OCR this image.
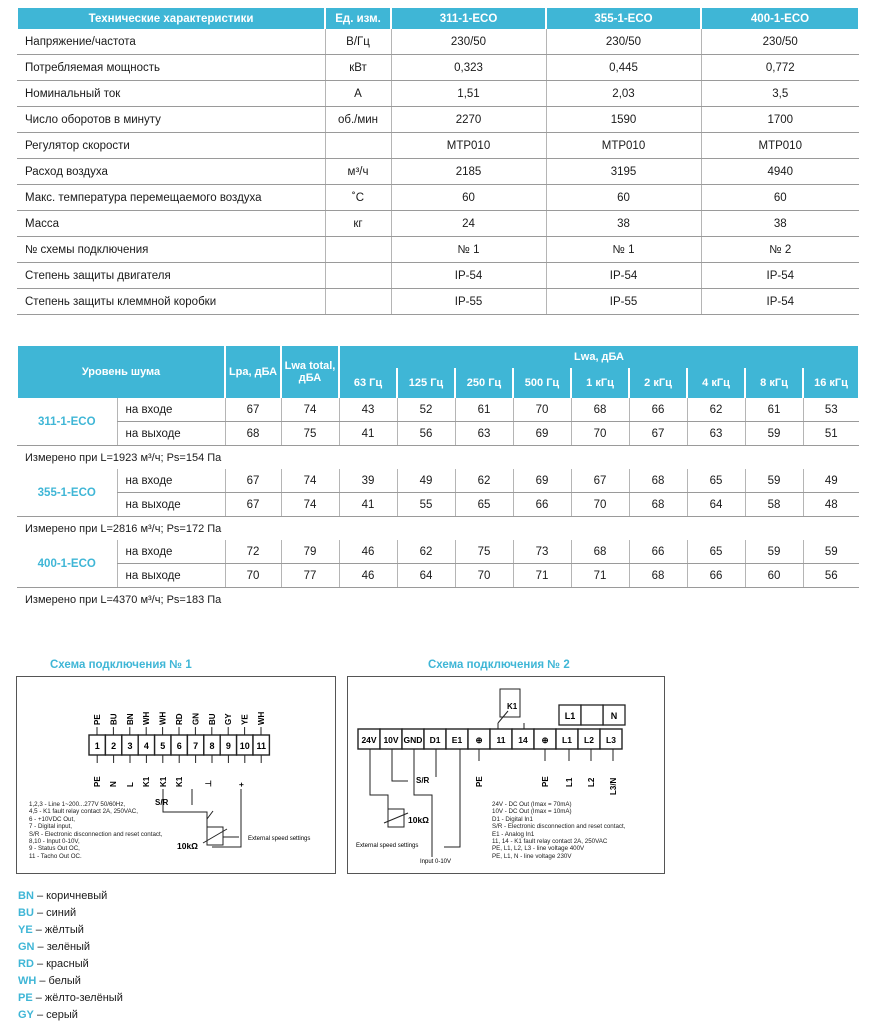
Технические характеристики	Ед. изм.	311-1-ECO	355-1-ECO	400-1-ECO
Напряжение/частота	В/Гц	230/50	230/50	230/50
Потребляемая мощность	кВт	0,323	0,445	0,772
Номинальный ток	А	1,51	2,03	3,5
Число оборотов в минуту	об./мин	2270	1590	1700
Регулятор скорости		МТР010	МТР010	МТР010
Расход воздуха	м³/ч	2185	3195	4940
Макс. температура перемещаемого воздуха	˚С	60	60	60
Масса	кг	24	38	38
№ схемы подключения		№ 1	№ 1	№ 2
Степень защиты двигателя		IP-54	IP-54	IP-54
Степень защиты клеммной коробки		IP-55	IP-55	IP-54
Уровень шума		Lpa, дБА	Lwa total, дБА	Lwa, дБА								
				63 Гц	125 Гц	250 Гц	500 Гц	1 кГц	2 кГц	4 кГц	8 кГц	16 кГц
311-1-ECO	на входе	67	74	43	52	61	70	68	66	62	61	53
	на выходе	68	75	41	56	63	69	70	67	63	59	51
Измерено при L=1923 м³/ч; Ps=154 Па												
355-1-ECO	на входе	67	74	39	49	62	69	67	68	65	59	49
	на выходе	67	74	41	55	65	66	70	68	64	58	48
Измерено при L=2816 м³/ч; Ps=172 Па												
400-1-ECO	на входе	72	79	46	62	75	73	68	66	65	59	59
	на выходе	70	77	46	64	70	71	71	68	66	60	56
Измерено при L=4370 м³/ч; Ps=183 Па												
Схема подключения № 1
PE BU BN WH WH RD GN BU GY YE WH
1 2 3 4 5 6 7 8 9 10 11
PE N L K1 K1 K1	⊥	+
S/R
10kΩ
External speed settings
1,2,3 - Line 1~200...277V 50/60Hz,
4,5 - K1 fault relay contact 2A, 250VAC,
6 - +10VDC Out,
7 - Digital input,
S/R - Electronic disconnection and reset contact,
8,10 - Input 0-10V,
9 - Status Out OC,
11 - Tacho Out OC.
Схема подключения № 2
K1
L1	N
24V 10V GND D1 E1 ⊕ 11 14 ⊕ L1 L2 L3
PE	PE L1 L2 L3/N
S/R
10kΩ
External speed settings
Input 0-10V
24V - DC Out (Imax = 70mA)
10V - DC Out (Imax = 10mA)
D1 - Digital In1
S/R - Electronic disconnection and reset contact,
E1 - Analog In1
11, 14 - K1 fault relay contact 2A, 250VAC
PE, L1, L2, L3 - line voltage 400V
PE, L1, N - line voltage 230V
BN – коричневый
BU – синий
YE – жёлтый
GN – зелёный
RD – красный
WH – белый
PE – жёлто-зелёный
GY – серый
